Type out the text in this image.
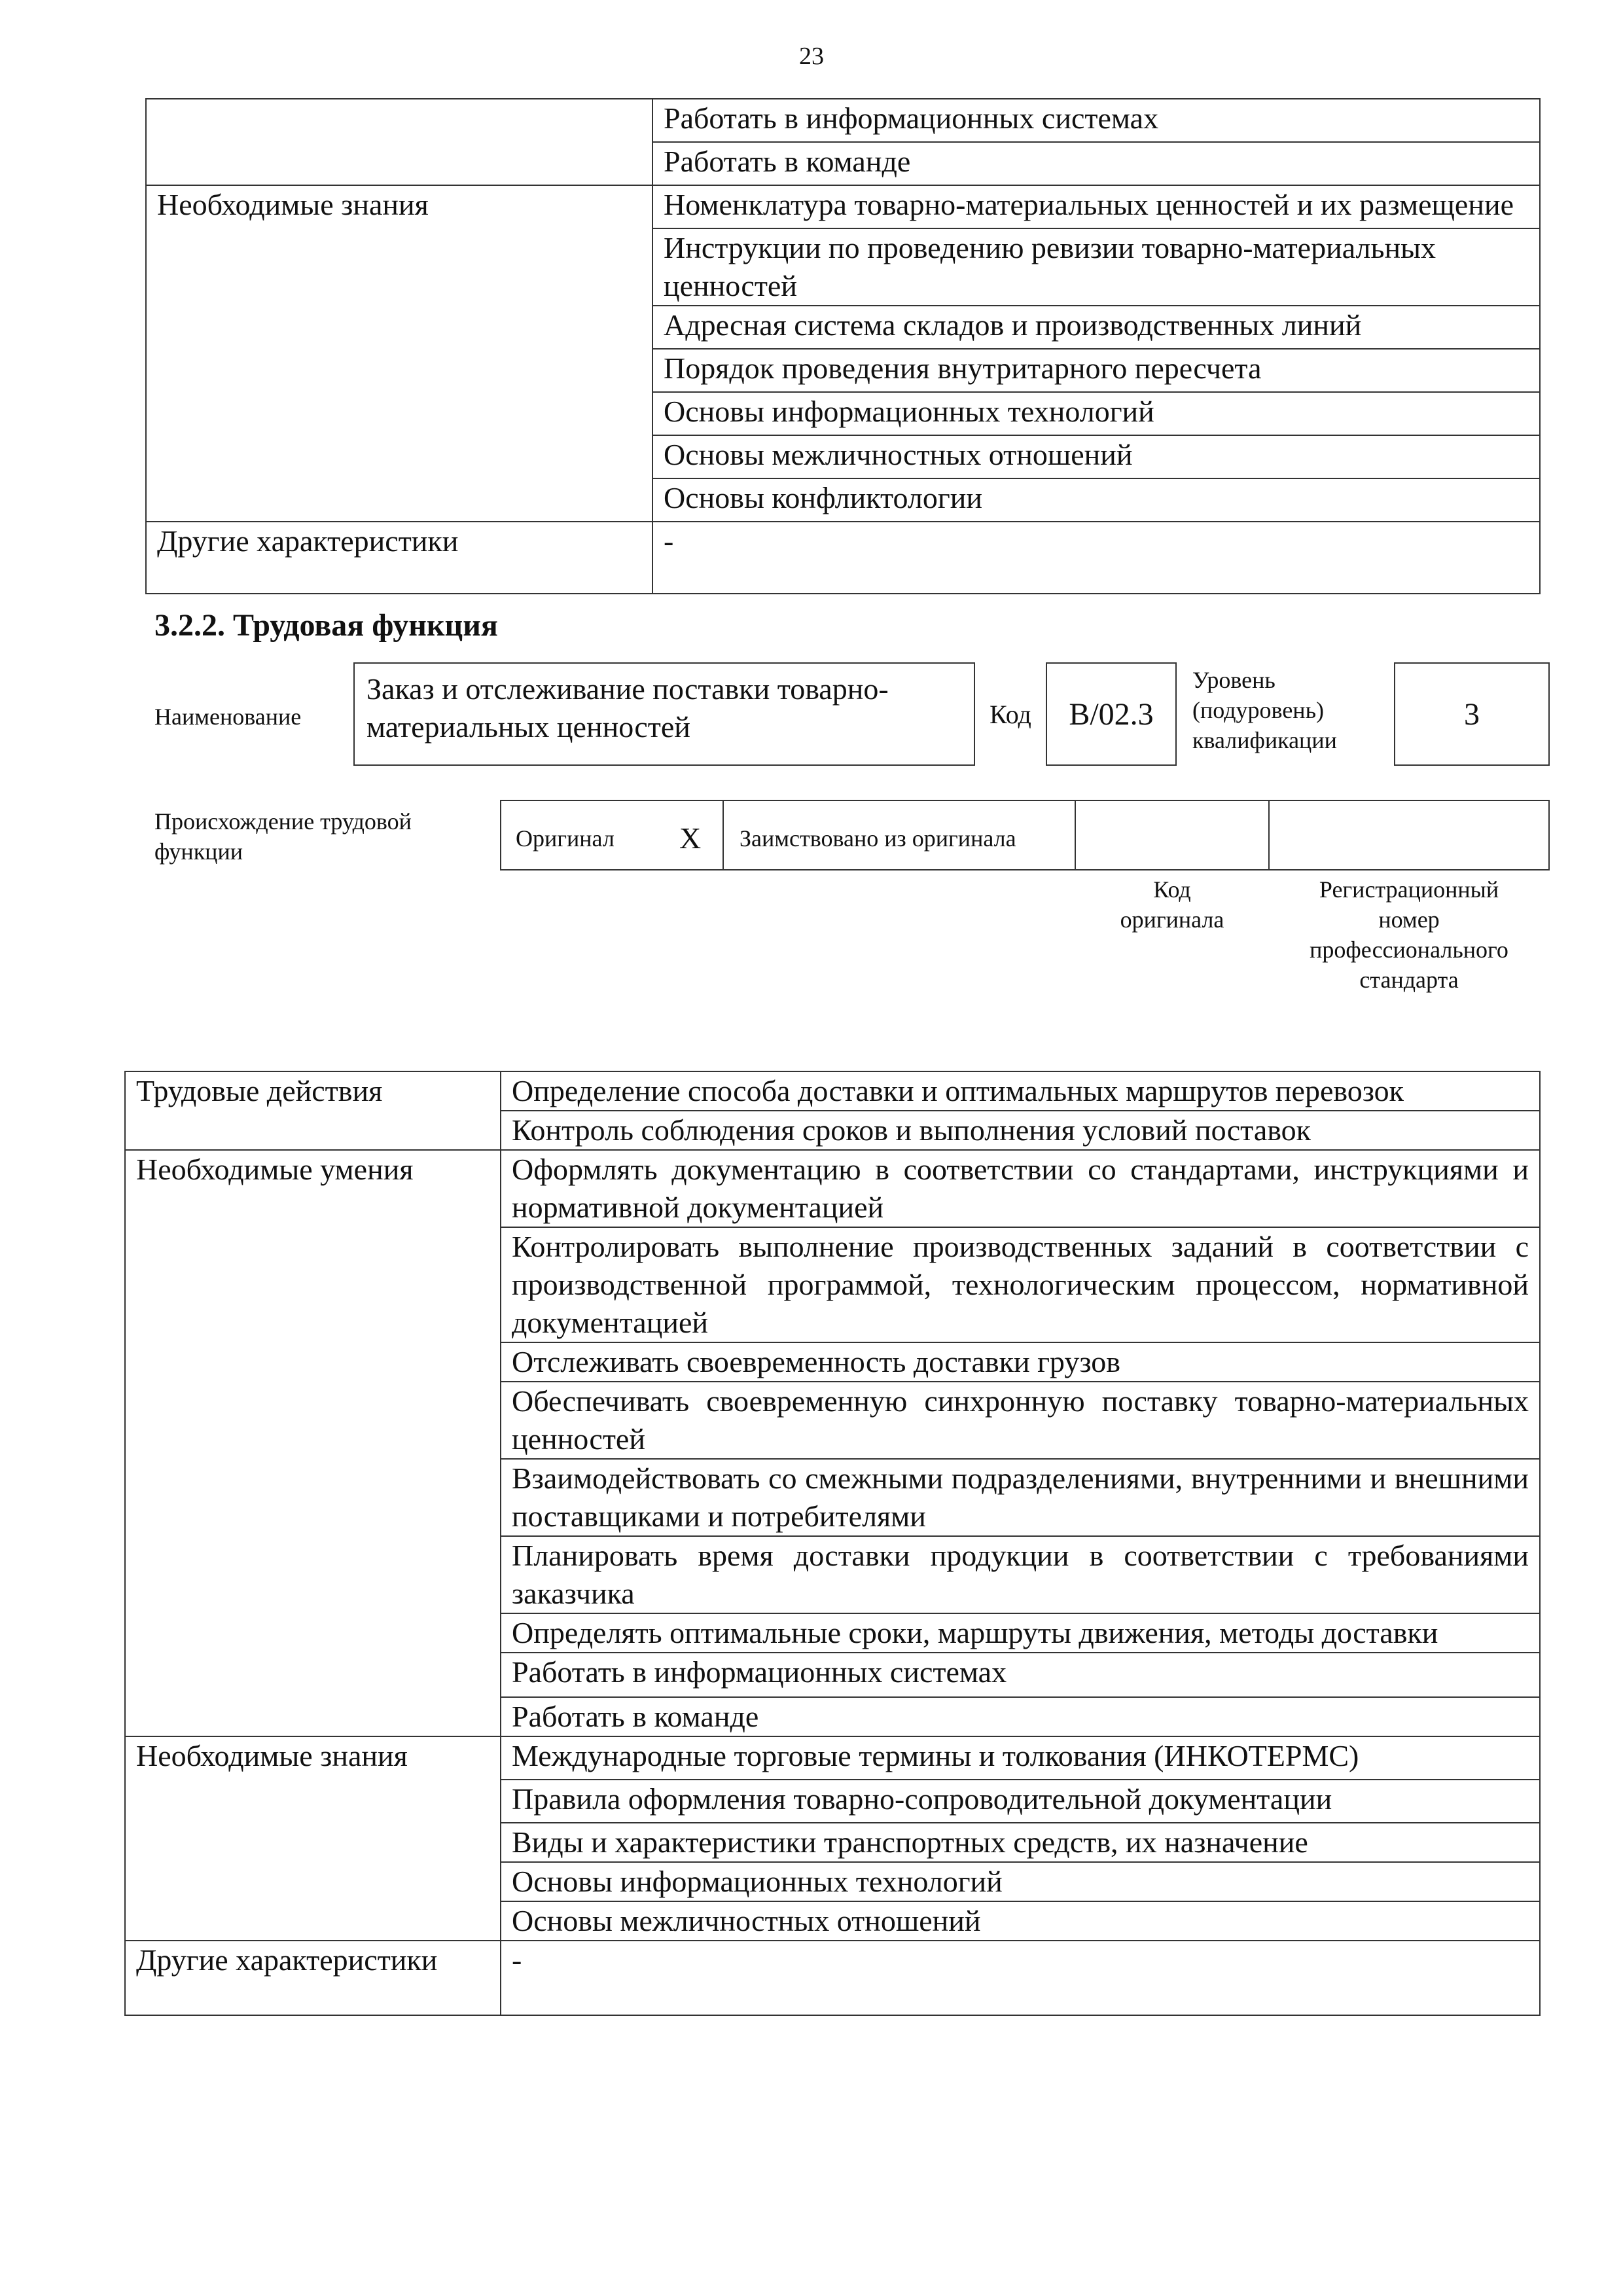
23
	Работать в информационных системах
	Работать в команде
Необходимые знания	Номенклатура товарно-материальных ценностей и их размещение
	Инструкции по проведению ревизии товарно-материальных ценностей
	Адресная система складов и производственных линий
	Порядок проведения внутритарного пересчета
	Основы информационных технологий
	Основы межличностных отношений
	Основы конфликтологии
Другие характеристики	-
3.2.2. Трудовая функция
Наименование
Заказ и отслеживание поставки товарно-
материальных ценностей	Код В/02.3
Уровень
(подуровень)
квалификации
3
Происхождение трудовой
функции	Оригинал X Заимствовано из оригинала
Код
оригинала
Регистрационный
номер
профессионального
стандарта
Трудовые действия	Определение способа доставки и оптимальных маршрутов перевозок
	Контроль соблюдения сроков и выполнения условий поставок
Необходимые умения	Оформлять документацию в соответствии со стандартами, инструкциями и нормативной документацией
	Контролировать выполнение производственных заданий в соответствии с производственной программой, технологическим процессом, нормативной документацией
	Отслеживать своевременность доставки грузов
	Обеспечивать своевременную синхронную поставку товарно-материальных ценностей
	Взаимодействовать со смежными подразделениями, внутренними и внешними поставщиками и потребителями
	Планировать время доставки продукции в соответствии с требованиями заказчика
	Определять оптимальные сроки, маршруты движения, методы доставки
	Работать в информационных системах
	Работать в команде
Необходимые знания	Международные торговые термины и толкования (ИНКОТЕРМС)
	Правила оформления товарно-сопроводительной документации
	Виды и характеристики транспортных средств, их назначение
	Основы информационных технологий
	Основы межличностных отношений
Другие характеристики	-
